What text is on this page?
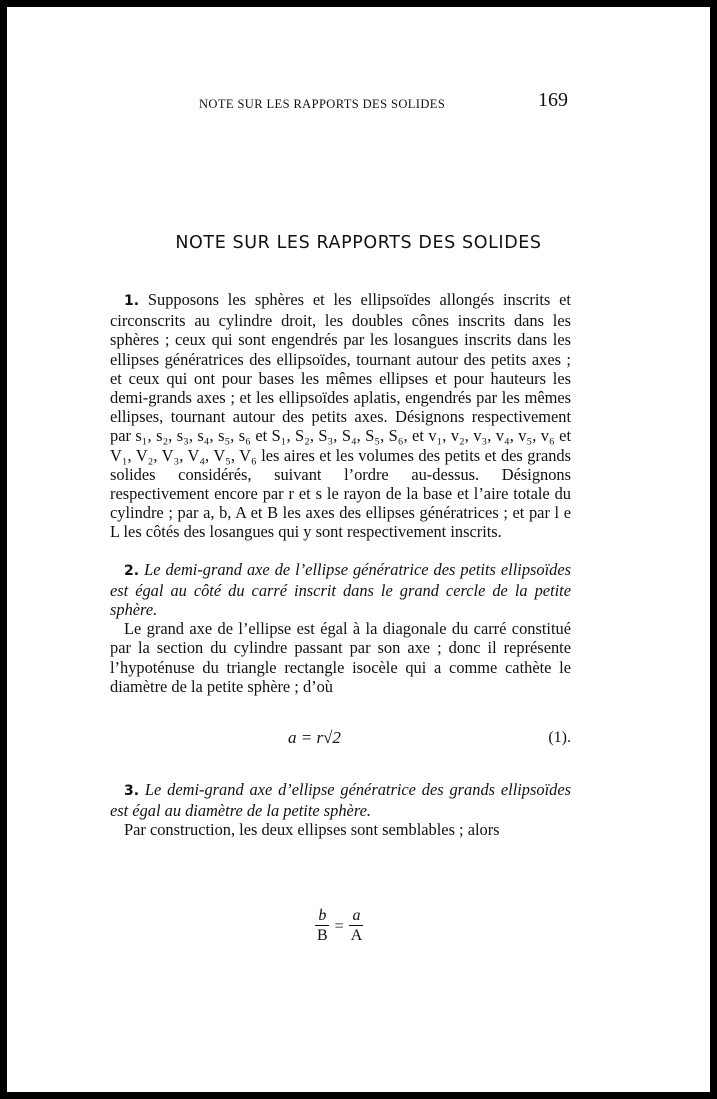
NOTE SUR LES RAPPORTS DES SOLIDES	169
NOTE SUR LES RAPPORTS DES SOLIDES

1. Supposons les sphères et les ellipsoïdes allongés inscrits et circonscrits au cylindre droit, les doubles cônes inscrits dans les sphères ; ceux qui sont engendrés par les losangues inscrits dans les ellipses génératrices des ellipsoïdes, tournant autour des petits axes ; et ceux qui ont pour bases les mêmes ellipses et pour hauteurs les demi-grands axes ; et les ellipsoïdes aplatis, engendrés par les mêmes ellipses, tournant autour des petits axes. Désignons respectivement par s₁, s₂, s₃, s₄, s₅, s₆ et S₁, S₂, S₃, S₄, S₅, S₆, et v₁, v₂, v₃, v₄, v₅, v₆ et V₁, V₂, V₃, V₄, V₅, V₆ les aires et les volumes des petits et des grands solides considérés, suivant l’ordre au-dessus. Désignons respectivement encore par r et s le rayon de la base et l’aire totale du cylindre ; par a, b, A et B les axes des ellipses génératrices ; et par l e L les côtés des losangues qui y sont respectivement inscrits.

2. Le demi-grand axe de l’ellipse génératrice des petits ellipsoïdes est égal au côté du carré inscrit dans le grand cercle de la petite sphère.

Le grand axe de l’ellipse est égal à la diagonale du carré constitué par la section du cylindre passant par son axe ; donc il représente l’hypoténuse du triangle rectangle isocèle qui a comme cathète le diamètre de la petite sphère ; d’où

a = r√2	(1).

3. Le demi-grand axe d’ellipse génératrice des grands ellipsoïdes est égal au diamètre de la petite sphère.

Par construction, les deux ellipses sont semblables ; alors

$\frac{b}{B} = \frac{a}{A}$
